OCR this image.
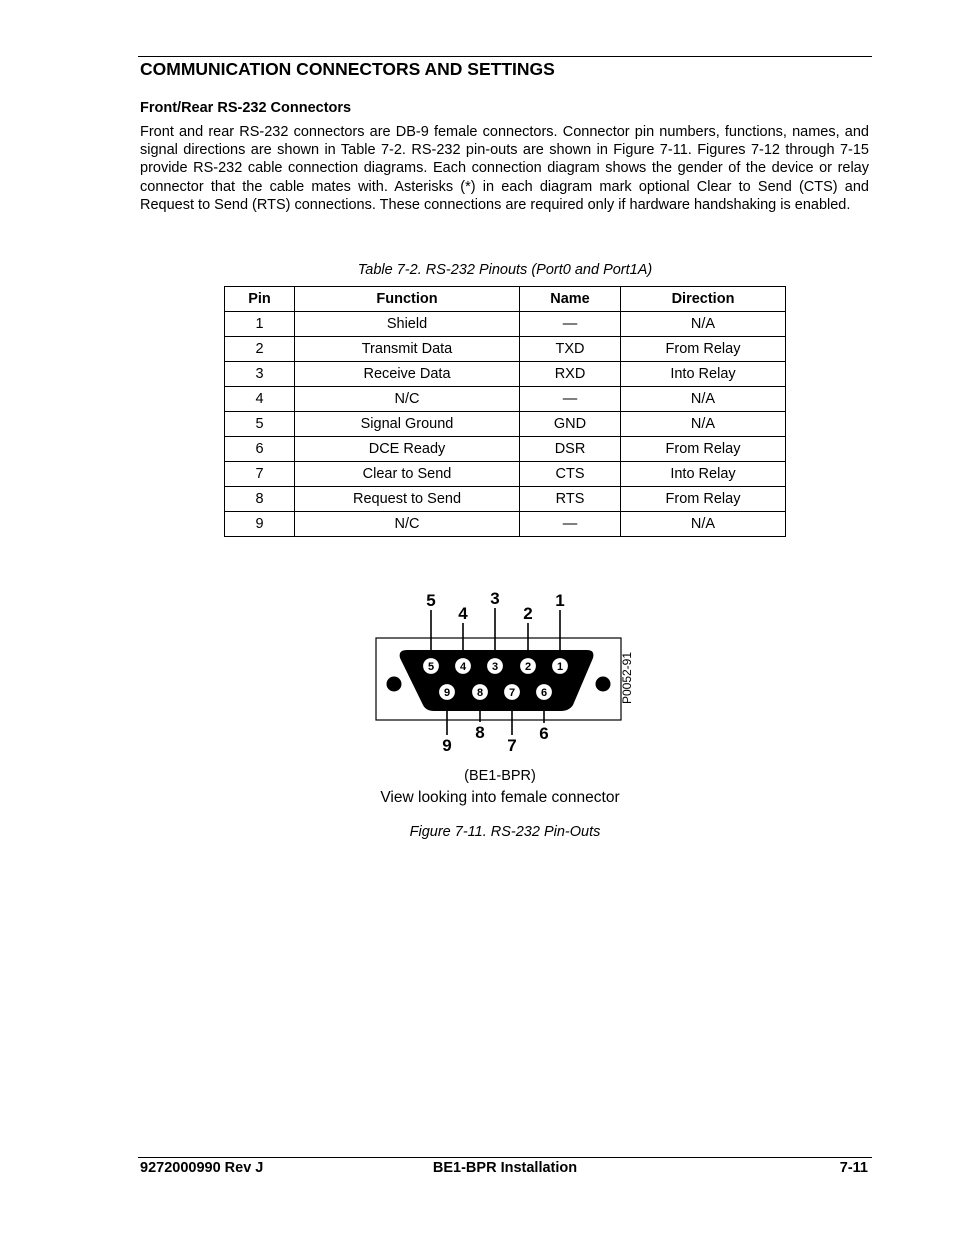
COMMUNICATION CONNECTORS AND SETTINGS
Front/Rear RS-232 Connectors

Front and rear RS-232 connectors are DB-9 female connectors. Connector pin numbers, functions, names, and signal directions are shown in Table 7-2. RS-232 pin-outs are shown in Figure 7-11. Figures 7-12 through 7-15 provide RS-232 cable connection diagrams. Each connection diagram shows the gender of the device or relay connector that the cable mates with. Asterisks (*) in each diagram mark optional Clear to Send (CTS) and Request to Send (RTS) connections. These connections are required only if hardware handshaking is enabled.

Table 7-2. RS-232 Pinouts (Port0 and Port1A)
Pin	Function	Name	Direction
1	Shield	—	N/A
2	Transmit Data	TXD	From Relay
3	Receive Data	RXD	Into Relay
4	N/C	—	N/A
5	Signal Ground	GND	N/A
6	DCE Ready	DSR	From Relay
7	Clear to Send	CTS	Into Relay
8	Request to Send	RTS	From Relay
9	N/C	—	N/A
5
5
4
4
3
3
2
2
1
1
9
9
8
8
7
7
6
6
P0052-91
(BE1-BPR)
View looking into female connector
Figure 7-11. RS-232 Pin-Outs
9272000990 Rev J	BE1-BPR Installation	7-11
